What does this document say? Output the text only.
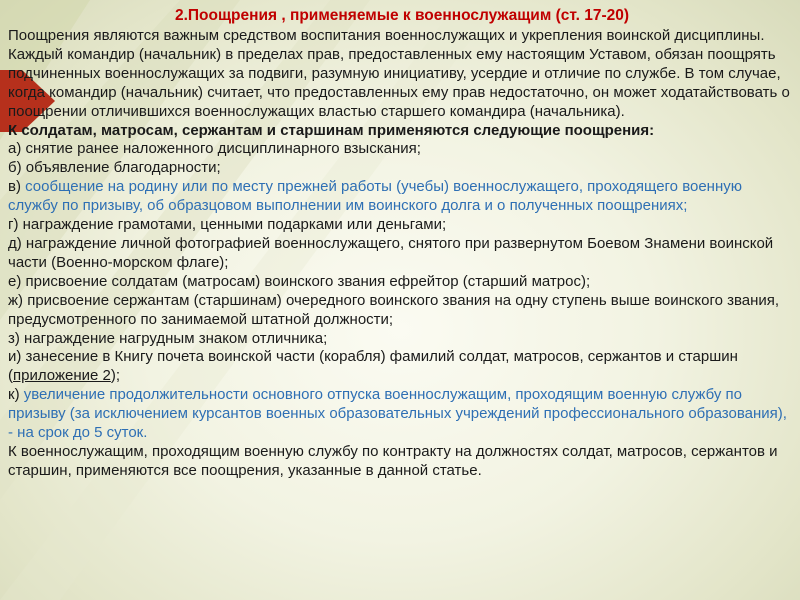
2.Поощрения , применяемые к военнослужащим (ст. 17-20)
Поощрения являются важным средством воспитания военнослужащих и укрепления воинской дисциплины. Каждый командир (начальник) в пределах прав, предоставленных ему настоящим Уставом, обязан поощрять подчиненных военнослужащих за подвиги, разумную инициативу, усердие и отличие по службе. В том случае, когда командир (начальник) считает, что предоставленных ему прав недостаточно, он может ходатайствовать о поощрении отличившихся военнослужащих властью старшего командира (начальника).
К солдатам, матросам, сержантам и старшинам применяются следующие поощрения:
а) снятие ранее наложенного дисциплинарного взыскания;
б) объявление благодарности;
в) сообщение на родину или по месту прежней работы (учебы) военнослужащего, проходящего военную службу по призыву, об образцовом выполнении им воинского долга и о полученных поощрениях;
г) награждение грамотами, ценными подарками или деньгами;
д) награждение личной фотографией военнослужащего, снятого при развернутом Боевом Знамени воинской части (Военно-морском флаге);
е) присвоение солдатам (матросам) воинского звания ефрейтор (старший матрос);
ж) присвоение сержантам (старшинам) очередного воинского звания на одну ступень выше воинского звания, предусмотренного по занимаемой штатной должности;
з) награждение нагрудным знаком отличника;
и) занесение в Книгу почета воинской части (корабля) фамилий солдат, матросов, сержантов и старшин (приложение 2);
к) увеличение продолжительности основного отпуска военнослужащим, проходящим военную службу по призыву (за исключением курсантов военных образовательных учреждений профессионального образования), - на срок до 5 суток.
К военнослужащим, проходящим военную службу по контракту на должностях солдат, матросов, сержантов и старшин, применяются все поощрения, указанные в данной статье.
